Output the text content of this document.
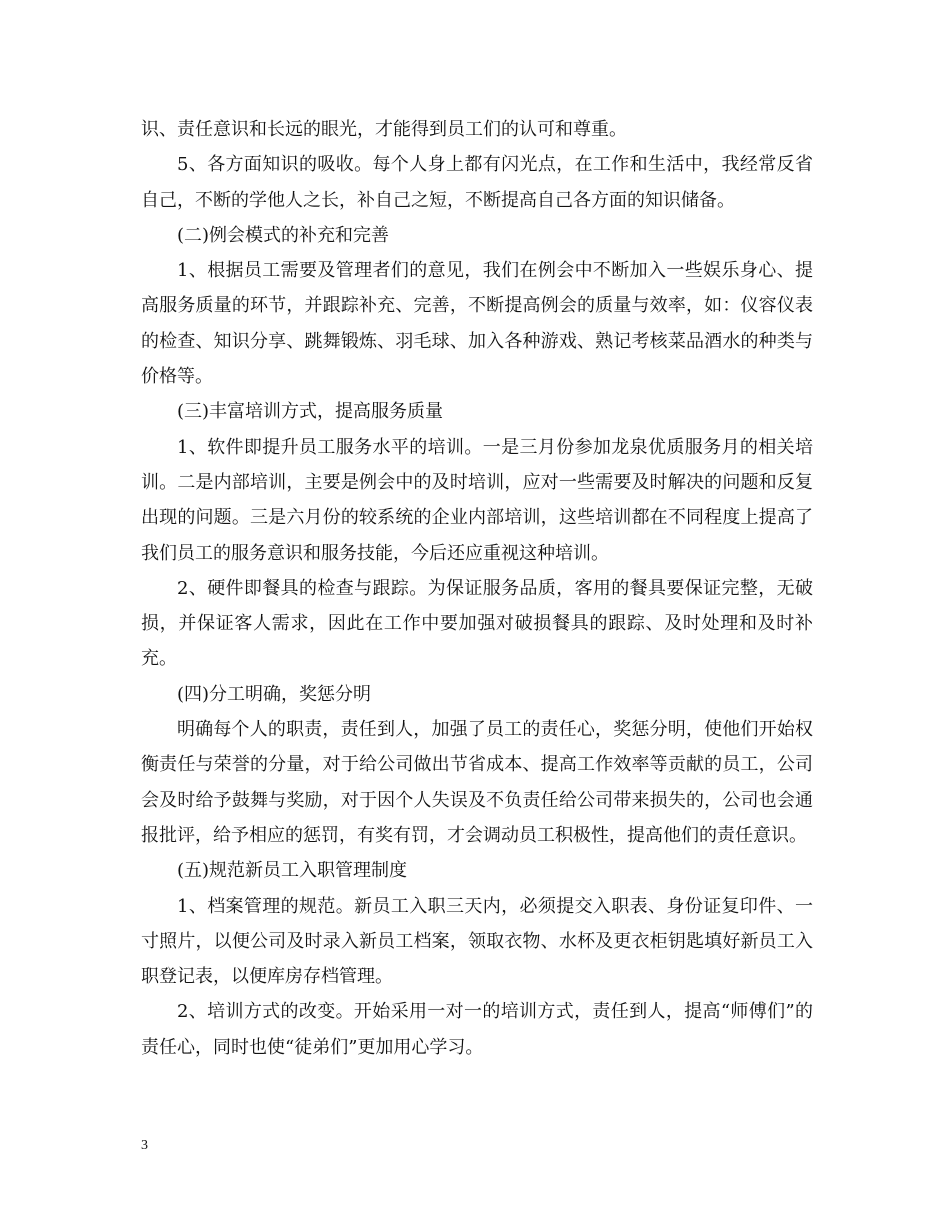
识、责任意识和长远的眼光，才能得到员工们的认可和尊重。

5、各方面知识的吸收。每个人身上都有闪光点，在工作和生活中，我经常反省自己，不断的学他人之长，补自己之短，不断提高自己各方面的知识储备。

(二)例会模式的补充和完善

1、根据员工需要及管理者们的意见，我们在例会中不断加入一些娱乐身心、提高服务质量的环节，并跟踪补充、完善，不断提高例会的质量与效率，如：仪容仪表的检查、知识分享、跳舞锻炼、羽毛球、加入各种游戏、熟记考核菜品酒水的种类与价格等。

(三)丰富培训方式，提高服务质量

1、软件即提升员工服务水平的培训。一是三月份参加龙泉优质服务月的相关培训。二是内部培训，主要是例会中的及时培训，应对一些需要及时解决的问题和反复出现的问题。三是六月份的较系统的企业内部培训，这些培训都在不同程度上提高了我们员工的服务意识和服务技能，今后还应重视这种培训。

2、硬件即餐具的检查与跟踪。为保证服务品质，客用的餐具要保证完整，无破损，并保证客人需求，因此在工作中要加强对破损餐具的跟踪、及时处理和及时补充。

(四)分工明确，奖惩分明

明确每个人的职责，责任到人，加强了员工的责任心，奖惩分明，使他们开始权衡责任与荣誉的分量，对于给公司做出节省成本、提高工作效率等贡献的员工，公司会及时给予鼓舞与奖励，对于因个人失误及不负责任给公司带来损失的，公司也会通报批评，给予相应的惩罚，有奖有罚，才会调动员工积极性，提高他们的责任意识。

(五)规范新员工入职管理制度

1、档案管理的规范。新员工入职三天内，必须提交入职表、身份证复印件、一寸照片，以便公司及时录入新员工档案，领取衣物、水杯及更衣柜钥匙填好新员工入职登记表，以便库房存档管理。

2、培训方式的改变。开始采用一对一的培训方式，责任到人，提高“师傅们”的责任心，同时也使“徒弟们”更加用心学习。

3
